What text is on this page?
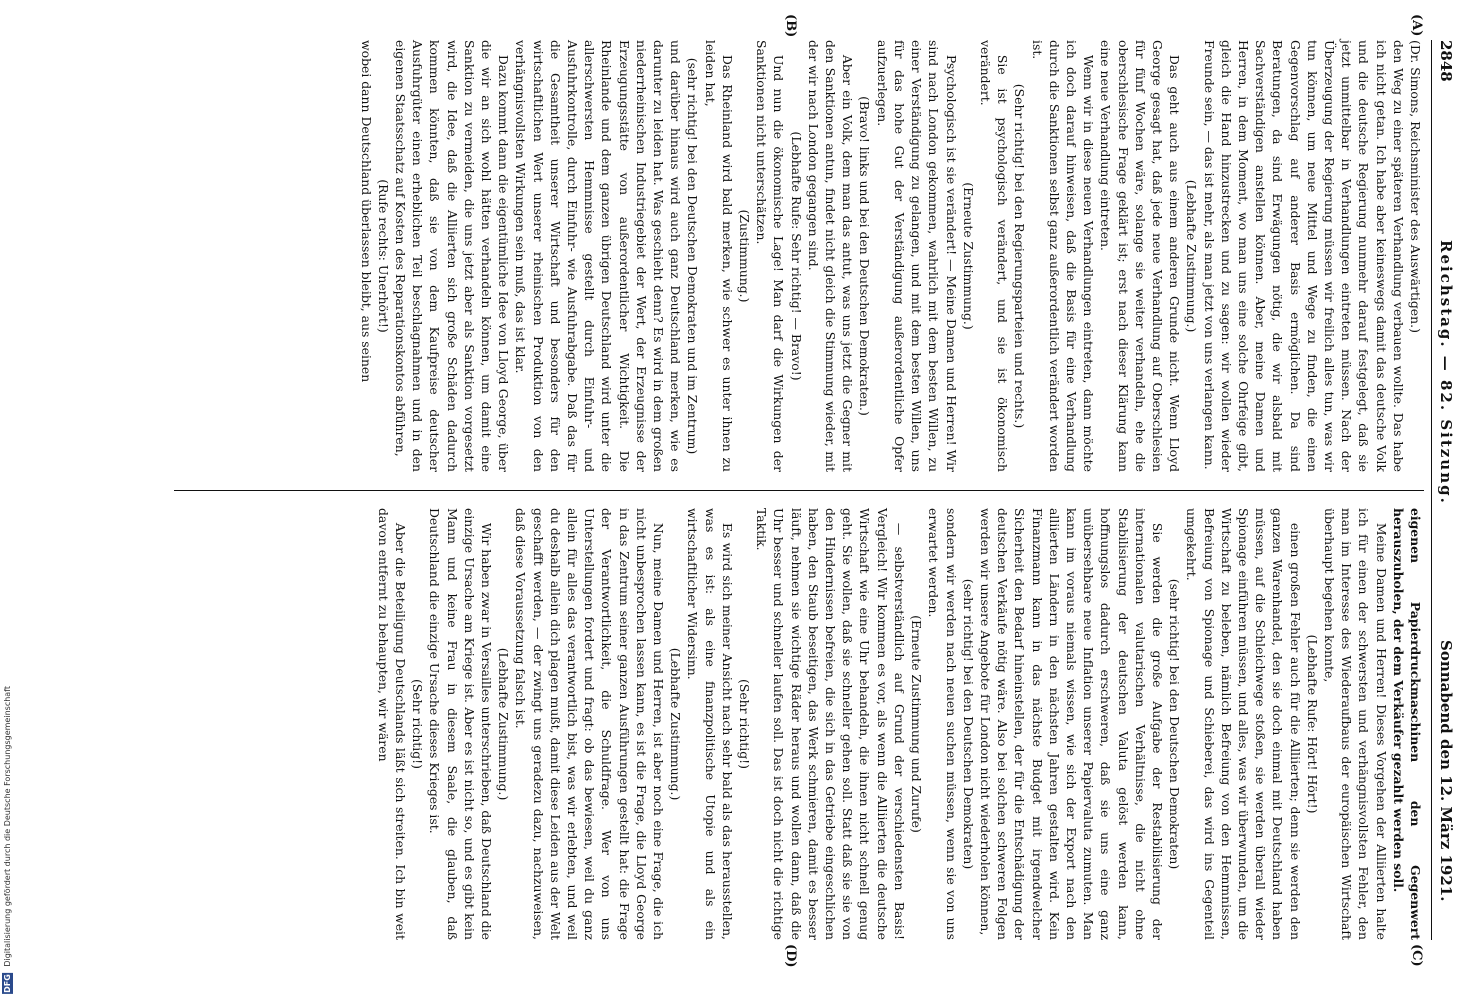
2848
Reichstag. — 82. Sitzung.
Sonnabend den 12. März 1921.

(Dr. Simons, Reichsminister des Auswärtigen.)

den Weg zu einer späteren Verhandlung verbauen wollte. Das habe ich nicht getan. Ich habe aber keineswegs damit das deutsche Volk und die deutsche Regierung nunmehr darauf festgelegt, daß sie jetzt unmittelbar in Verhandlungen eintreten müssen. Nach der Überzeugung der Regierung müssen wir freilich alles tun, was wir tun können, um neue Mittel und Wege zu finden, die einen Gegenvorschlag auf anderer Basis ermöglichen. Da sind Beratungen, da sind Erwägungen nötig, die wir alsbald mit Sachverständigen anstellen können. Aber, meine Damen und Herren, in dem Moment, wo man uns eine solche Ohrfeige gibt, gleich die Hand hinzustrecken und zu sagen: wir wollen wieder Freunde sein, — das ist mehr, als man jetzt von uns verlangen kann.

(Lebhafte Zustimmung.)

Das geht auch aus einem anderen Grunde nicht. Wenn Lloyd George gesagt hat, daß jede neue Verhandlung auf Oberschlesien für fünf Wochen wäre, solange sie weiter verhandeln, ehe die oberschlesische Frage geklärt ist; erst nach dieser Klärung kann eine neue Verhandlung eintreten.

Wenn wir in diese neuen Verhandlungen eintreten, dann möchte ich doch darauf hinweisen, daß die Basis für eine Verhandlung durch die Sanktionen selbst ganz außerordentlich verändert worden ist.

(Sehr richtig! bei den Regierungsparteien und rechts.)

Sie ist psychologisch verändert, und sie ist ökonomisch verändert.

(Erneute Zustimmung.)

Psychologisch ist sie verändert! — Meine Damen und Herren! Wir sind nach London gekommen, wahrlich mit dem besten Willen, zu einer Verständigung zu gelangen, und mit dem besten Willen, uns für das hohe Gut der Verständigung außerordentliche Opfer aufzuerlegen.

(Bravo! links und bei den Deutschen Demokraten.)

Aber ein Volk, dem man das antut, was uns jetzt die Gegner mit den Sanktionen antun, findet nicht gleich die Stimmung wieder, mit der wir nach London gegangen sind.

(Lebhafte Rufe: Sehr richtig! — Bravo!)

Und nun die ökonomische Lage! Man darf die Wirkungen der Sanktionen nicht unterschätzen.

(Zustimmung.)

Das Rheinland wird bald merken, wie schwer es unter ihnen zu leiden hat,

(sehr richtig! bei den Deutschen Demokraten und im Zentrum)

und darüber hinaus wird auch ganz Deutschland merken, wie es darunter zu leiden hat. Was geschieht denn? Es wird in dem großen niederrheinischen Industriegebiet der Wert, der Erzeugnisse der Erzeugungsstätte von außerordentlicher Wichtigkeit. Die Rheinlande und dem ganzen übrigen Deutschland wird unter die allerschwersten Hemmnisse gestellt durch Einfuhr- und Ausfuhrkontrolle, durch Einfuhr- wie Ausfuhrabgabe. Daß das für die Gesamtheit unserer Wirtschaft und besonders für den wirtschaftlichen Wert unserer rheinischen Produktion von den verhängnisvollsten Wirkungen sein muß, das ist klar.

Dazu kommt dann die eigentümliche Idee von Lloyd George, über die wir an sich wohl hätten verhandeln können, um damit eine Sanktion zu vermeiden, die uns jetzt aber als Sanktion vorgesetzt wird, die Idee, daß die Alliierten sich große Schäden dadurch kommen könnten, daß sie von dem Kaufpreise deutscher Ausfuhrgüter einen erheblichen Teil beschlagnahmen und in den eigenen Staatsschatz auf Kosten des Reparationskontos abführen,

(Rufe rechts: Unerhört!)

wobei dann Deutschland überlassen bleibt, aus seinen

eigenen Papierdruckmaschinen den Gegenwert herauszuholen, der dem Verkäufer gezahlt werden soll.

Meine Damen und Herren! Dieses Vorgehen der Alliierten halte ich für einen der schwersten und verhängnisvollsten Fehler, den man im Interesse des Wiederaufbaus der europäischen Wirtschaft überhaupt begehen konnte,

(Lebhafte Rufe: Hört! Hört!)

einen großen Fehler auch für die Alliierten; denn sie werden den ganzen Warenhandel, den sie doch einmal mit Deutschland haben müssen, auf die Schleichwege stoßen, sie werden überall wieder Spionage einführen müssen, und alles, was wir überwunden, um die Wirtschaft zu beleben, nämlich Befreiung von den Hemmnissen, Befreiung von Spionage und Schieberei, das wird ins Gegenteil umgekehrt.

(sehr richtig! bei den Deutschen Demokraten)

Sie werden die große Aufgabe der Restabilisierung der internationalen valutarischen Verhältnisse, die nicht ohne Stabilisierung der deutschen Valuta gelöst werden kann, hoffnungslos dadurch erschweren, daß sie uns eine ganz unübersehbare neue Inflation unserer Papiervaluta zumuten. Man kann im voraus niemals wissen, wie sich der Export nach den alliierten Ländern in den nächsten Jahren gestalten wird. Kein Finanzmann kann in das nächste Budget mit irgendwelcher Sicherheit den Bedarf hineinstellen, der für die Entschädigung der deutschen Verkäufe nötig wäre. Also bei solchen schweren Folgen werden wir unsere Angebote für London nicht wiederholen können,

(sehr richtig! bei den Deutschen Demokraten)

sondern wir werden nach neuen suchen müssen, wenn sie von uns erwartet werden.

(Erneute Zustimmung und Zurufe)

— selbstverständlich auf Grund der verschiedensten Basis! Vergleich! Wir kommen es vor, als wenn die Alliierten die deutsche Wirtschaft wie eine Uhr behandeln, die ihnen nicht schnell genug geht. Sie wollen, daß sie schneller gehen soll. Statt daß sie sie von den Hindernissen befreien, die sich in das Getriebe eingeschlichen haben, den Staub beseitigen, das Werk schmieren, damit es besser läuft, nehmen sie wichtige Räder heraus und wollen dann, daß die Uhr besser und schneller laufen soll. Das ist doch nicht die richtige Taktik.

(Sehr richtig!)

Es wird sich meiner Ansicht nach sehr bald als das herausstellen, was es ist: als eine finanzpolitische Utopie und als ein wirtschaftlicher Widersinn.

(Lebhafte Zustimmung.)

Nun, meine Damen und Herren, ist aber noch eine Frage, die ich nicht unbesprochen lassen kann, es ist die Frage, die Lloyd George in das Zentrum seiner ganzen Ausführungen gestellt hat: die Frage der Verantwortlichkeit, die Schuldfrage. Wer von uns Unterstellungen fordert und fragt: ob das bewiesen, weil du ganz allein für alles das verantwortlich bist, was wir erlebten, und weil du deshalb allein dich plagen mußt, damit diese Leiden aus der Welt geschafft werden, — der zwingt uns geradezu dazu, nachzuweisen, daß diese Voraussetzung falsch ist.

(Lebhafte Zustimmung.)

Wir haben zwar in Versailles unterschrieben, daß Deutschland die einzige Ursache am Kriege ist. Aber es ist nicht so, und es gibt kein Mann und keine Frau in diesem Saale, die glauben, daß Deutschland die einzige Ursache dieses Krieges ist.

(Sehr richtig!)

Aber die Beteiligung Deutschlands läßt sich streiten. Ich bin weit davon entfernt zu behaupten, wir wären

(A)
(B)
(C)
(D)
DFG Digitalisierung gefördert durch die Deutsche Forschungsgemeinschaft
